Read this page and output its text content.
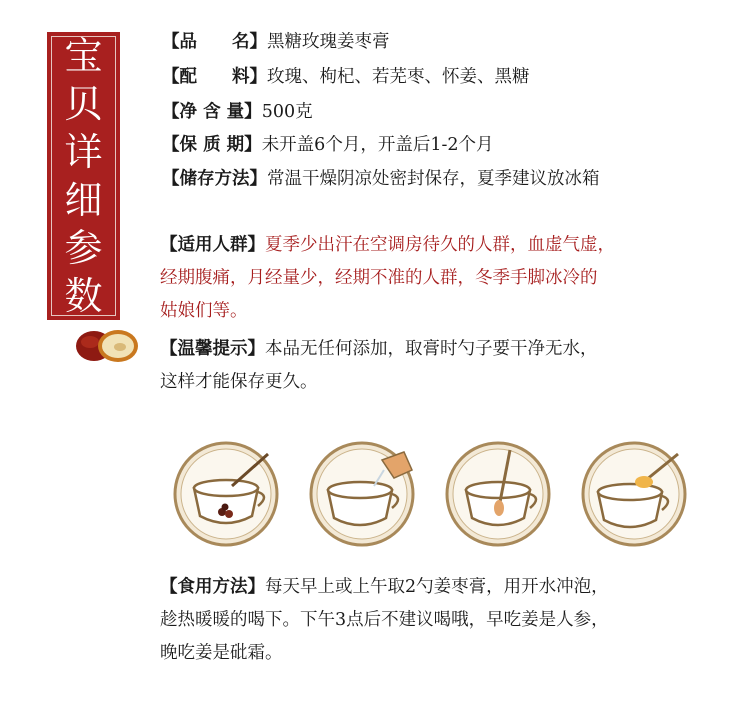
宝
贝
详
细
参
数
【品　　名】黑糖玫瑰姜枣膏
【配　　料】玫瑰、枸杞、若芜枣、怀姜、黑糖
【净 含 量】500克
【保 质 期】未开盖6个月，开盖后1-2个月
【储存方法】常温干燥阴凉处密封保存，夏季建议放冰箱
【适用人群】夏季少出汗在空调房待久的人群，血虚气虚，
经期腹痛，月经量少，经期不准的人群，冬季手脚冰冷的
姑娘们等。
【温馨提示】本品无任何添加，取膏时勺子要干净无水，
这样才能保存更久。
【食用方法】每天早上或上午取2勺姜枣膏，用开水冲泡，
趁热暖暖的喝下。下午3点后不建议喝哦，早吃姜是人参，
晚吃姜是砒霜。
